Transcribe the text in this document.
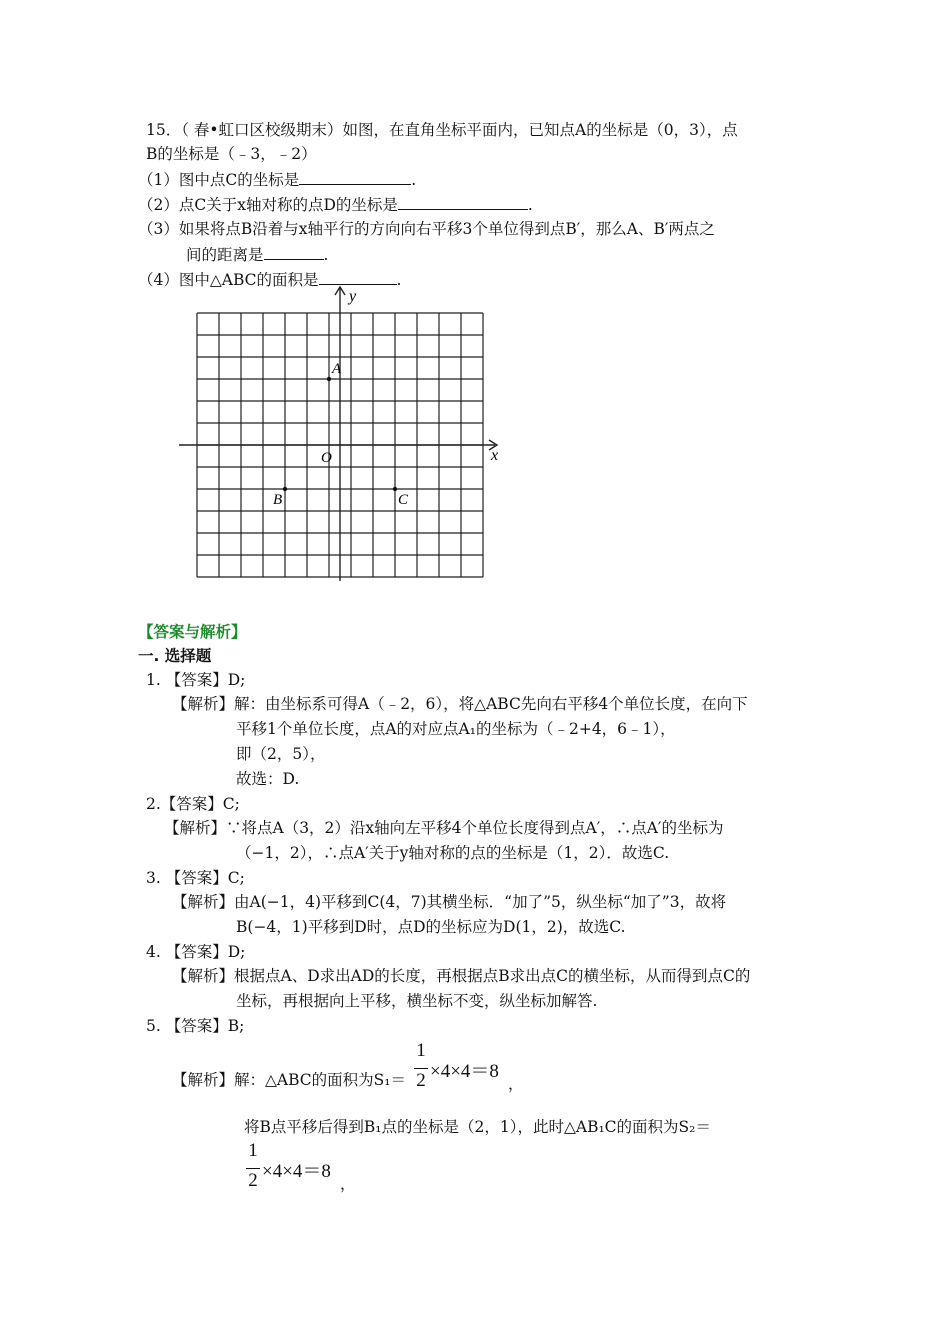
15．（ 春•虹口区校级期末）如图，在直角坐标平面内，已知点A的坐标是（0，3），点
B的坐标是（﹣3，﹣2）
（1）图中点C的坐标是	.
（2）点C关于x轴对称的点D的坐标是	.
（3）如果将点B沿着与x轴平行的方向向右平移3个单位得到点B′，那么A、B′两点之
间的距离是	.
（4）图中△ABC的面积是	.
x
y
O
A
B	C
【答案与解析】
一. 选择题
1. 【答案】D;
【解析】解：由坐标系可得A（﹣2，6），将△ABC先向右平移4个单位长度，在向下
平移1个单位长度，点A的对应点A₁的坐标为（﹣2+4，6﹣1），
即（2，5），
故选：D.
2.【答案】C;
【解析】∵将点A（3，2）沿x轴向左平移4个单位长度得到点A′，∴点A′的坐标为
（−1，2），∴点A′关于y轴对称的点的坐标是（1，2）．故选C.
3. 【答案】C;
【解析】由A(−1，4)平移到C(4，7)其横坐标．“加了”5，纵坐标“加了”3，故将
B(−4，1)平移到D时，点D的坐标应为D(1，2)，故选C.
4. 【答案】D;
【解析】根据点A、D求出AD的长度，再根据点B求出点C的横坐标，从而得到点C的
坐标，再根据向上平移，横坐标不变，纵坐标加解答.
5. 【答案】B;
【解析】解：△ABC的面积为S₁＝
1
2 ×4×4＝8
，
将B点平移后得到B₁点的坐标是（2，1），此时△AB₁C的面积为S₂＝
1
2 ×4×4＝8
，
